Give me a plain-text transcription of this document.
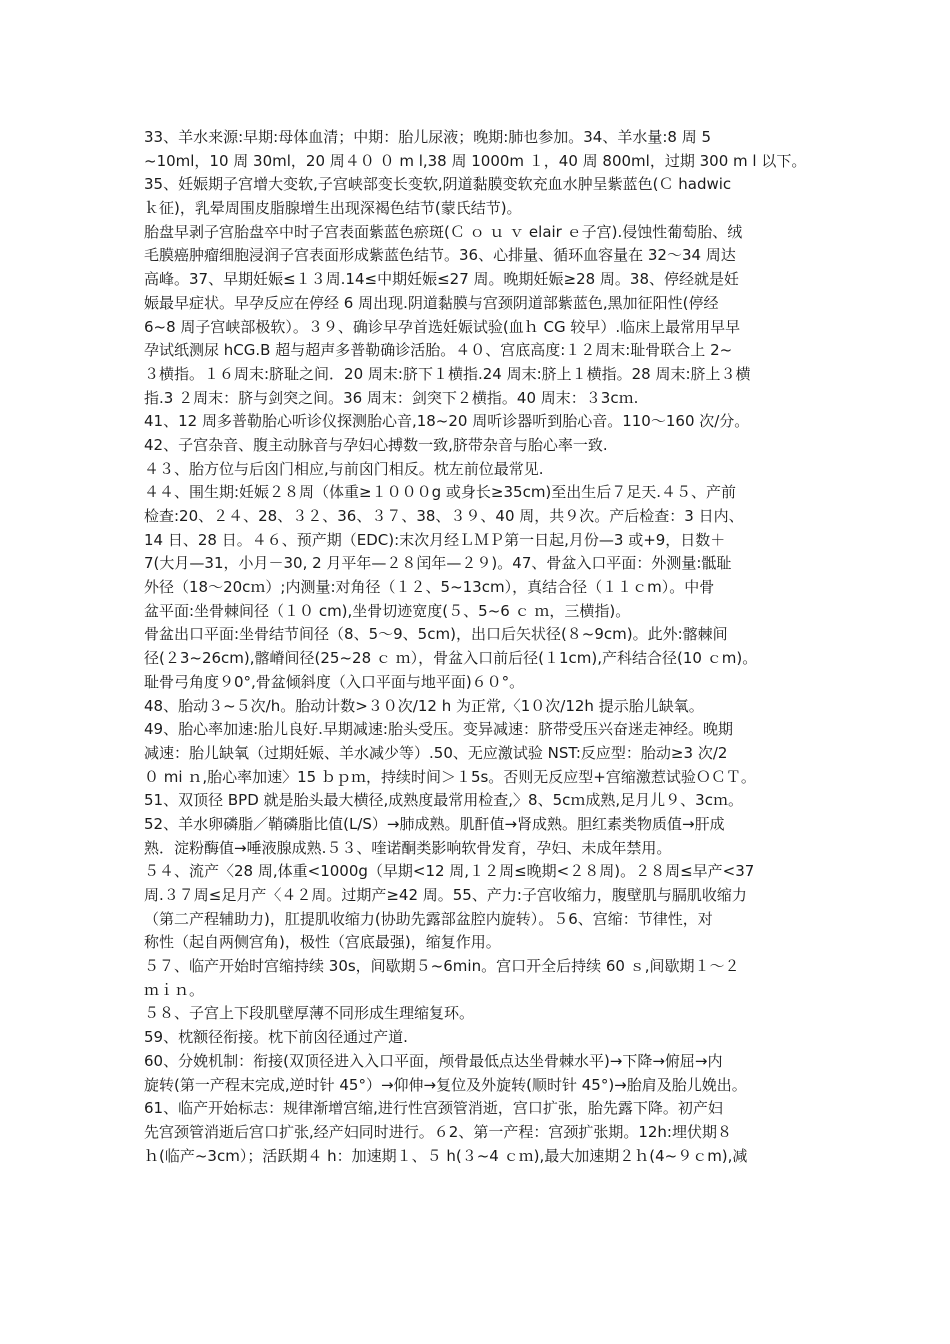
33、羊水来源:早期:母体血清；中期：胎儿尿液；晚期:肺也参加。34、羊水量:8 周 5
~10ml，10 周 30ml，20 周４０ ０ m l,38 周 1000m １，40 周 800ml，过期 300 m l 以下。
35、妊娠期子宫增大变软,子宫峡部变长变软,阴道黏膜变软充血水肿呈紫蓝色(Ｃ hadwic
ｋ征)，乳晕周围皮脂腺增生出现深褐色结节(蒙氏结节)。
胎盘早剥子宫胎盘卒中时子宫表面紫蓝色瘀斑(Ｃ ｏ ｕ ｖ elair ｅ子宫).侵蚀性葡萄胎、绒
毛膜癌肿瘤细胞浸润子宫表面形成紫蓝色结节。36、心排量、循环血容量在 32～34 周达
高峰。37、早期妊娠≤１３周.14≤中期妊娠≤27 周。晚期妊娠≥28 周。38、停经就是妊
娠最早症状。早孕反应在停经 6 周出现.阴道黏膜与宫颈阴道部紫蓝色,黑加征阳性(停经
6~8 周子宫峡部极软）。３９、确诊早孕首选妊娠试验(血ｈ CG 较早）.临床上最常用早早
孕试纸测尿 hCG.B 超与超声多普勒确诊活胎。４０、宫底高度:１２周末:耻骨联合上 2~
３横指。１６周末:脐耻之间．20 周末:脐下１横指.24 周末:脐上１横指。28 周末:脐上３横
指.3 ２周末：脐与剑突之间。36 周末：剑突下２横指。40 周末：３3cｍ.
41、12 周多普勒胎心听诊仪探测胎心音,18~20 周听诊器听到胎心音。110～160 次/分。
42、子宫杂音、腹主动脉音与孕妇心搏数一致,脐带杂音与胎心率一致.
４３、胎方位与后囟门相应,与前囟门相反。枕左前位最常见.
４４、围生期:妊娠２８周（体重≥１０００g 或身长≥35cm)至出生后７足天.４５、产前
检查:20、２４、28、３２、36、３７、38、３９、40 周，共９次。产后检查：3 日内、
14 日、28 日。４６、预产期（EDC):末次月经ＬＭＰ第一日起,月份—3 或+9，日数＋
7(大月—31，小月－30, 2 月平年—２８闰年—２９)。47、骨盆入口平面：外测量:骶耻
外径（18～20cｍ）;内测量:对角径（１２、5~13cm），真结合径（１１ｃm）。中骨
盆平面:坐骨棘间径（１０ cm),坐骨切迹宽度(５、5~6 ｃ ｍ，三横指)。
骨盆出口平面:坐骨结节间径（8、5～9、5cm)，出口后矢状径(８~9cm)。此外:髂棘间
径(２3~26cm),髂嵴间径(25~28 ｃ ｍ），骨盆入口前后径(１1cm),产科结合径(10 ｃm)。
耻骨弓角度９0°,骨盆倾斜度（入口平面与地平面)６０°。
48、胎动３~５次/h。胎动计数>３０次/12 h 为正常,〈1０次/12h 提示胎儿缺氧。
49、胎心率加速:胎儿良好.早期减速:胎头受压。变异减速：脐带受压兴奋迷走神经。晚期
减速：胎儿缺氧（过期妊娠、羊水减少等）.50、无应激试验 NST:反应型：胎动≥3 次/2
０ mi ｎ,胎心率加速〉15 ｂｐｍ，持续时间＞１5s。否则无反应型+宫缩激惹试验ＯＣＴ。
51、双顶径 BPD 就是胎头最大横径,成熟度最常用检查,〉8、5cｍ成熟,足月儿９、3cｍ。
52、羊水卵磷脂／鞘磷脂比值(L/S）→肺成熟。肌酐值→肾成熟。胆红素类物质值→肝成
熟．淀粉酶值→唾液腺成熟.５３、喹诺酮类影响软骨发育，孕妇、未成年禁用。
５４、流产〈28 周,体重<1000g（早期<12 周,１２周≤晚期<２８周)。２８周≤早产<37
周.３７周≤足月产〈４２周。过期产≥42 周。55、产力:子宫收缩力，腹壁肌与膈肌收缩力
（第二产程辅助力)，肛提肌收缩力(协助先露部盆腔内旋转）。５6、宫缩：节律性，对
称性（起自两侧宫角)，极性（宫底最强)，缩复作用。
５７、临产开始时宫缩持续 30s，间歇期５~6min。宫口开全后持续 60 ｓ,间歇期１～２
ｍｉｎ。
５８、子宫上下段肌壁厚薄不同形成生理缩复环。
59、枕额径衔接。枕下前囟径通过产道.
60、分娩机制：衔接(双顶径进入入口平面，颅骨最低点达坐骨棘水平)→下降→俯屈→内
旋转(第一产程末完成,逆时针 45°）→仰伸→复位及外旋转(顺时针 45°)→胎肩及胎儿娩出。
61、临产开始标志：规律渐增宫缩,进行性宫颈管消逝，宫口扩张，胎先露下降。初产妇
先宫颈管消逝后宫口扩张,经产妇同时进行。６2、第一产程：宫颈扩张期。12h:埋伏期８
ｈ(临产~3cm）；活跃期４ h：加速期１、５ h(３~4 ｃｍ),最大加速期２ｈ(4~９ｃm),减
